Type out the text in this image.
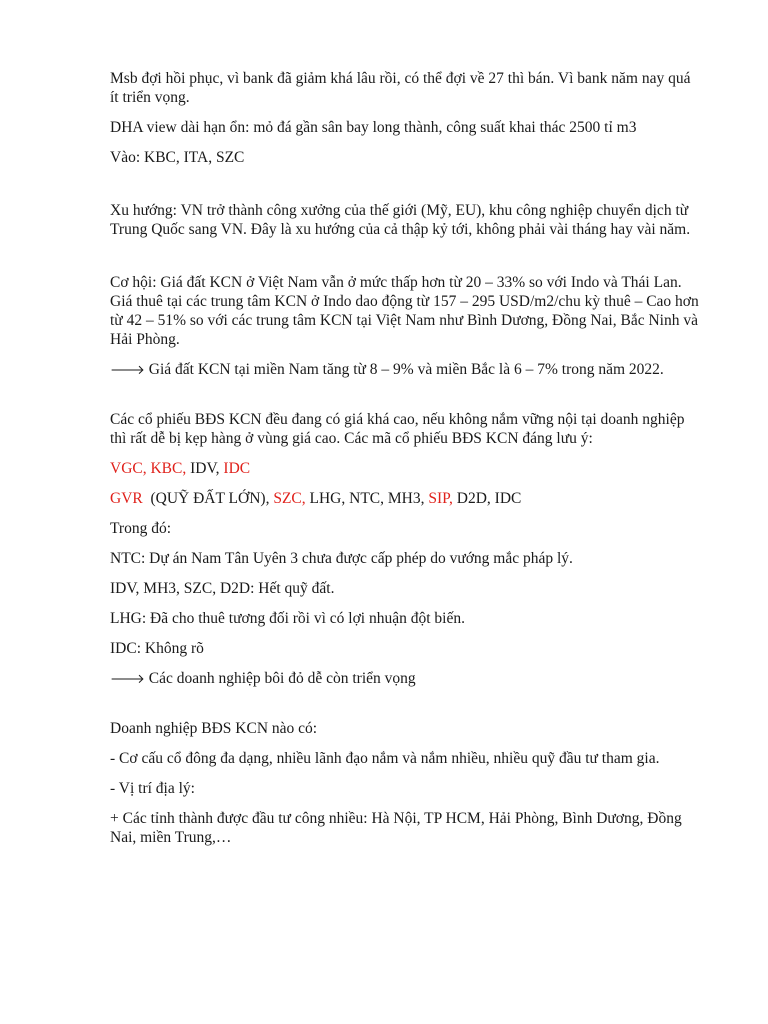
Msb đợi hồi phục, vì bank đã giảm khá lâu rồi, có thể đợi về 27 thì bán. Vì bank năm nay quá ít triển vọng.

DHA view dài hạn ổn: mỏ đá gần sân bay long thành, công suất khai thác 2500 tỉ m3

Vào: KBC, ITA, SZC

Xu hướng: VN trở thành công xưởng của thế giới (Mỹ, EU), khu công nghiệp chuyển dịch từ Trung Quốc sang VN. Đây là xu hướng của cả thập kỷ tới, không phải vài tháng hay vài năm.

Cơ hội: Giá đất KCN ở Việt Nam vẫn ở mức thấp hơn từ 20 – 33% so với Indo và Thái Lan. Giá thuê tại các trung tâm KCN ở Indo dao động từ 157 – 295 USD/m2/chu kỳ thuê – Cao hơn từ 42 – 51% so với các trung tâm KCN tại Việt Nam như Bình Dương, Đồng Nai, Bắc Ninh và Hải Phòng.

🡒 Giá đất KCN tại miền Nam tăng từ 8 – 9% và miền Bắc là 6 – 7% trong năm 2022.

Các cổ phiếu BĐS KCN đều đang có giá khá cao, nếu không nắm vững nội tại doanh nghiệp thì rất dễ bị kẹp hàng ở vùng giá cao. Các mã cổ phiếu BĐS KCN đáng lưu ý:

VGC, KBC, IDV, IDC

GVR (QUỸ ĐẤT LỚN), SZC, LHG, NTC, MH3, SIP, D2D, IDC

Trong đó:

NTC: Dự án Nam Tân Uyên 3 chưa được cấp phép do vướng mắc pháp lý.

IDV, MH3, SZC, D2D: Hết quỹ đất.

LHG: Đã cho thuê tương đối rồi vì có lợi nhuận đột biến.

IDC: Không rõ

🡒 Các doanh nghiệp bôi đỏ dễ còn triển vọng

Doanh nghiệp BĐS KCN nào có:

- Cơ cấu cổ đông đa dạng, nhiều lãnh đạo nắm và nắm nhiều, nhiều quỹ đầu tư tham gia.

- Vị trí địa lý:

+ Các tỉnh thành được đầu tư công nhiều: Hà Nội, TP HCM, Hải Phòng, Bình Dương, Đồng Nai, miền Trung,…
